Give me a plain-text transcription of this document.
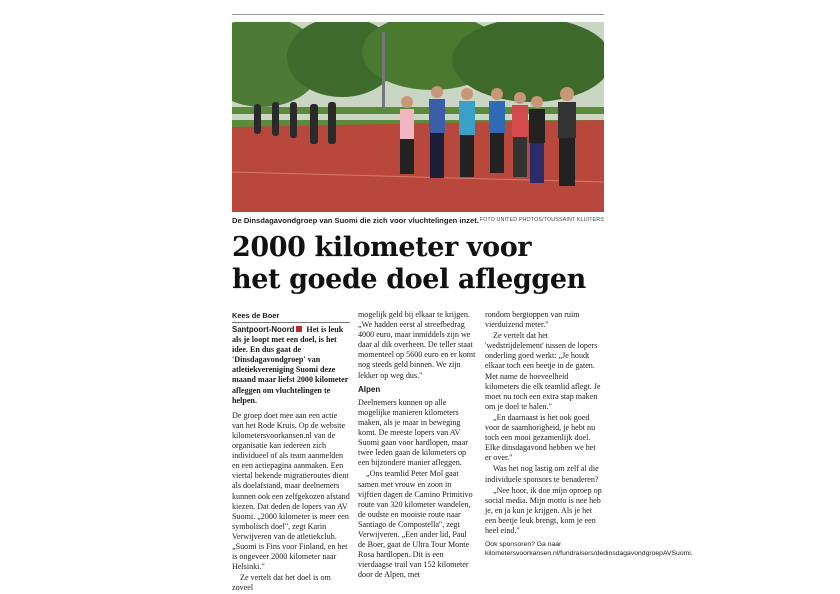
De Dinsdagavondgroep van Suomi die zich voor vluchtelingen inzet. FOTO UNITED PHOTOS/TOUSSAINT KLUITERS
2000 kilometer voor
het goede doel afleggen
Kees de Boer

Santpoort-Noord Het is leuk als je loopt met een doel, is het idee. En dus gaat de 'Dinsdagavondgroep' van atletiekvereniging Suomi deze maand maar liefst 2000 kilometer afleggen om vluchtelingen te helpen.

De groep doet mee aan een actie van het Rode Kruis. Op de website kilometersvoorkansen.nl van de organisatie kan iedereen zich individueel of als team aanmelden en een actiepagina aanmaken. Een viertal bekende migratieroutes dient als doelafstand, maar deelnemers kunnen ook een zelfgekozen afstand kiezen. Dat deden de lopers van AV Suomi. „2000 kilometer is meer een symbolisch doel", zegt Karin Verwijveren van de atletiekclub. „Suomi is Fins voor Finland, en het is ongeveer 2000 kilometer naar Helsinki."

Ze vertelt dat het doel is om zoveel

mogelijk geld bij elkaar te krijgen. „We hadden eerst al streefbedrag 4000 euro, maar inmiddels zijn we daar al dik overheen. De teller staat momenteel op 5600 euro en er komt nog steeds geld binnen. We zijn lekker op weg dus."

Alpen

Deelnemers kunnen op alle mogelijke manieren kilometers maken, als je maar in beweging komt. De meeste lopers van AV Suomi gaan voor hardlopen, maar twee leden gaan de kilometers op een bijzondere manier afleggen.

„Ons teamlid Peter Mol gaat samen met vrouw en zoon in vijftien dagen de Camino Primitivo route van 320 kilometer wandelen, de oudste en mooiste route naar Santiago de Compostella", zegt Verwijveren. „Een ander lid, Paul de Boer, gaat de Ultra Tour Monte Rosa hardlopen. Dit is een vierdaagse trail van 152 kilometer door de Alpen, met

rondom bergtoppen van ruim vierduizend meter."

Ze vertelt dat het 'wedstrijdelement' tussen de lopers onderling goed werkt: „Je houdt elkaar toch een beetje in de gaten. Met name de hoeveelheid kilometers die elk teamlid aflegt. Je moet nu toch een extra stap maken om je doel te halen."

„En daarnaast is het ook goed voor de saamhorigheid, je hebt nu toch een mooi gezamenlijk doel. Elke dinsdagavond hebben we het er over."

Was het nog lastig om zelf al die individuele sponsors te benaderen?

„Nee hoor, ik doe mijn oproep op social media. Mijn motto is nee heb je, en ja kun je krijgen. Als je het een beetje leuk brengt, kom je een heel eind."

Ook sponsoren? Ga naar kilometersvoorkansen.nl/fundraisers/dedinsdagavondgroepAVSuomi.
